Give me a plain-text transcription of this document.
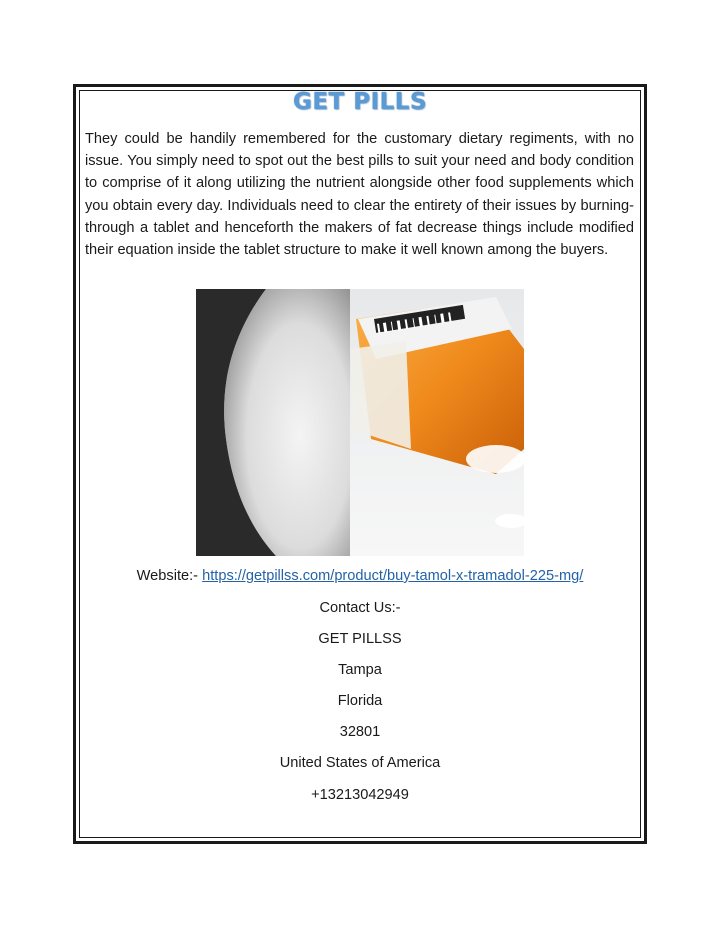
GET PILLS

They could be handily remembered for the customary dietary regiments, with no issue. You simply need to spot out the best pills to suit your need and body condition to comprise of it along utilizing the nutrient alongside other food supplements which you obtain every day. Individuals need to clear the entirety of their issues by burning-through a tablet and henceforth the makers of fat decrease things include modified their equation inside the tablet structure to make it well known among the buyers.

Website:- https://getpillss.com/product/buy-tamol-x-tramadol-225-mg/
Contact Us:-
GET PILLSS
Tampa
Florida
32801
United States of America
+13213042949
